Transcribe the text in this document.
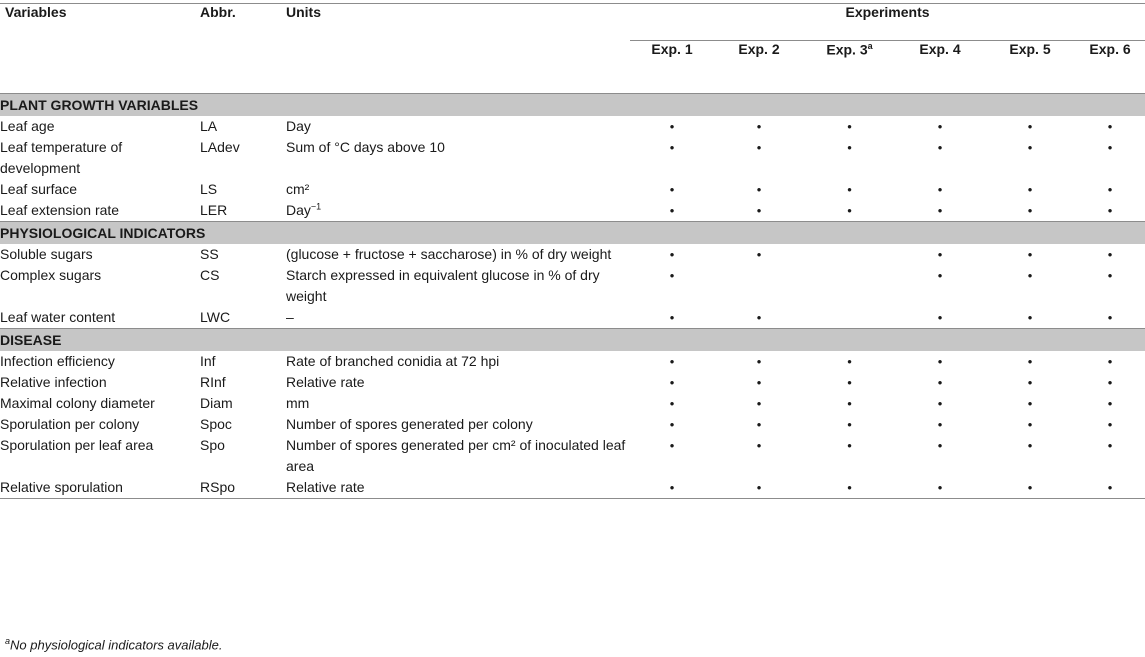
Variables	Abbr.	Units	Experiments					
			Exp. 1	Exp. 2	Exp. 3$^a$	Exp. 4	Exp. 5	Exp. 6
PLANT GROWTH VARIABLES								
Leaf age	LA	Day	•	•	•	•	•	•
Leaf temperature of development	LAdev	Sum of °C days above 10	•	•	•	•	•	•
Leaf surface	LS	cm²	•	•	•	•	•	•
Leaf extension rate	LER	Day$^{-1}$	•	•	•	•	•	•
PHYSIOLOGICAL INDICATORS								
Soluble sugars	SS	(glucose + fructose + saccharose) in % of dry weight	•	•		•	•	•
Complex sugars	CS	Starch expressed in equivalent glucose in % of dry weight	•			•	•	•
Leaf water content	LWC	–	•	•		•	•	•
DISEASE								
Infection efficiency	Inf	Rate of branched conidia at 72 hpi	•	•	•	•	•	•
Relative infection	RInf	Relative rate	•	•	•	•	•	•
Maximal colony diameter	Diam	mm	•	•	•	•	•	•
Sporulation per colony	Spoc	Number of spores generated per colony	•	•	•	•	•	•
Sporulation per leaf area	Spo	Number of spores generated per cm² of inoculated leaf area	•	•	•	•	•	•
Relative sporulation	RSpo	Relative rate	•	•	•	•	•	•
$^a$No physiological indicators available.
